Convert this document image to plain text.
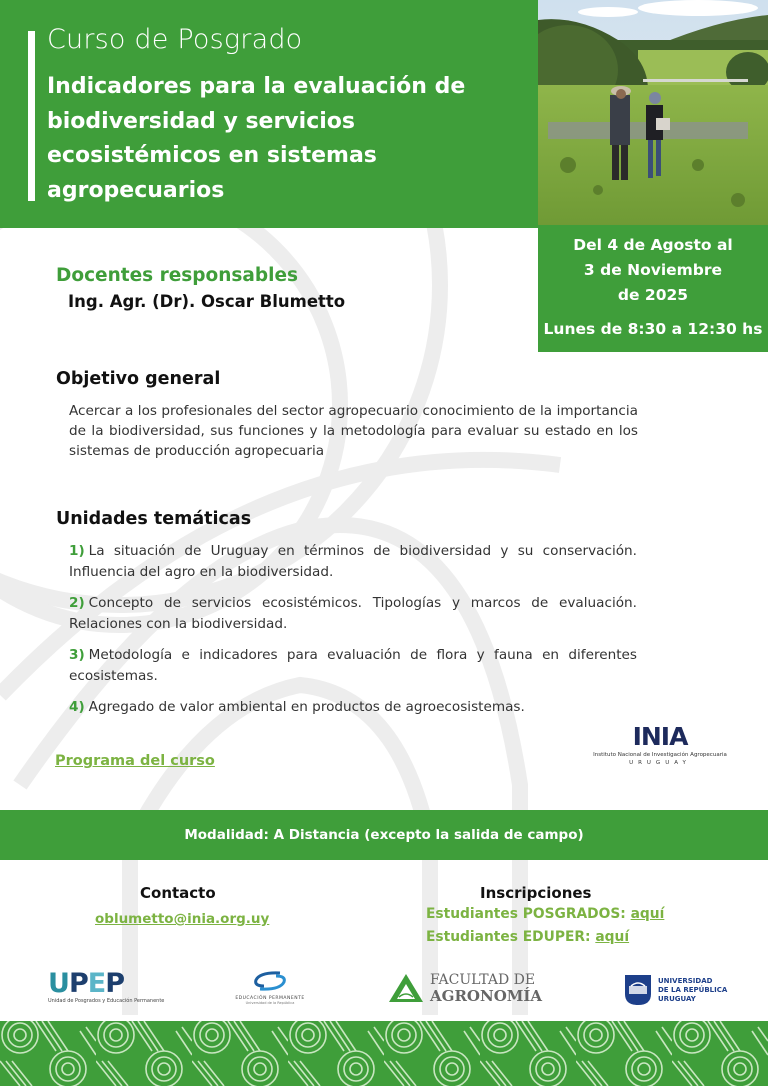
Curso de Posgrado
Indicadores para la evaluación de biodiversidad y servicios ecosistémicos en sistemas agropecuarios
Del 4 de Agosto al
3 de Noviembre
de 2025
Lunes de 8:30 a 12:30 hs
Docentes responsables
Ing. Agr. (Dr). Oscar Blumetto
Objetivo general
Acercar a los profesionales del sector agropecuario conocimiento de la importancia de la biodiversidad, sus funciones y la metodología para evaluar su estado en los sistemas de producción agropecuaria
Unidades temáticas
1) La situación de Uruguay en términos de biodiversidad y su conservación. Influencia del agro en la biodiversidad.
2) Concepto de servicios ecosistémicos. Tipologías y marcos de evaluación. Relaciones con la biodiversidad.
3) Metodología e indicadores para evaluación de flora y fauna en diferentes ecosistemas.
4) Agregado de valor ambiental en productos de agroecosistemas.
Programa del curso
INIA
Instituto Nacional de Investigación Agropecuaria
URUGUAY
Modalidad: A Distancia (excepto la salida de campo)
Contacto
oblumetto@inia.org.uy
Inscripciones
Estudiantes POSGRADOS: aquí
Estudiantes EDUPER: aquí
UPEP
Unidad de Posgrados y Educación Permanente	EDUCACIÓN PERMANENTE
Universidad de la República
FACULTAD DE
AGRONOMÍA
UNIVERSIDAD
DE LA REPÚBLICA
URUGUAY
